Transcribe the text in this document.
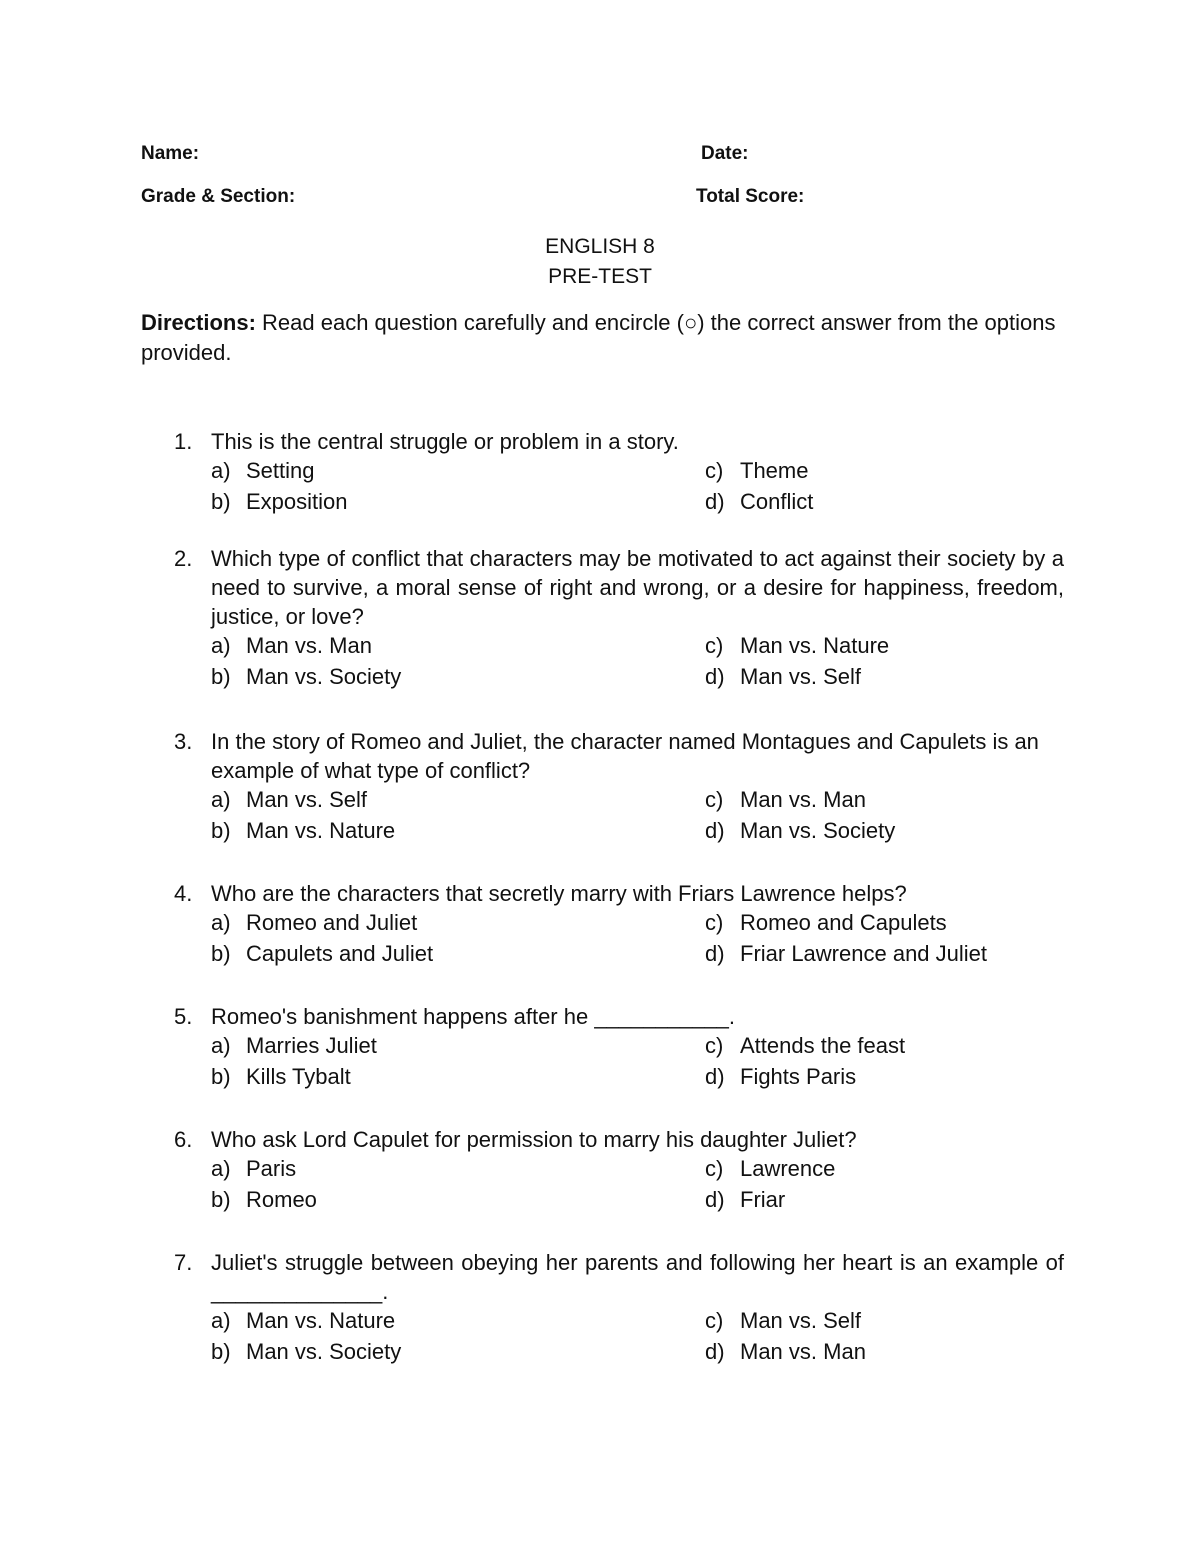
Name:	Date:
Grade & Section:	Total Score:
ENGLISH 8
PRE-TEST
Directions: Read each question carefully and encircle (○) the correct answer from the options provided.
1. This is the central struggle or problem in a story.
a) Setting
b) Exposition
c) Theme
d) Conflict
2. Which type of conflict that characters may be motivated to act against their society by a need to survive, a moral sense of right and wrong, or a desire for happiness, freedom, justice, or love?
a) Man vs. Man
b) Man vs. Society
c) Man vs. Nature
d) Man vs. Self
3. In the story of Romeo and Juliet, the character named Montagues and Capulets is an example of what type of conflict?
a) Man vs. Self
b) Man vs. Nature
c) Man vs. Man
d) Man vs. Society
4. Who are the characters that secretly marry with Friars Lawrence helps?
a) Romeo and Juliet
b) Capulets and Juliet
c) Romeo and Capulets
d) Friar Lawrence and Juliet
5. Romeo's banishment happens after he ___________.
a) Marries Juliet
b) Kills Tybalt
c) Attends the feast
d) Fights Paris
6. Who ask Lord Capulet for permission to marry his daughter Juliet?
a) Paris
b) Romeo
c) Lawrence
d) Friar
7. Juliet's struggle between obeying her parents and following her heart is an example of ______________.
a) Man vs. Nature
b) Man vs. Society
c) Man vs. Self
d) Man vs. Man
